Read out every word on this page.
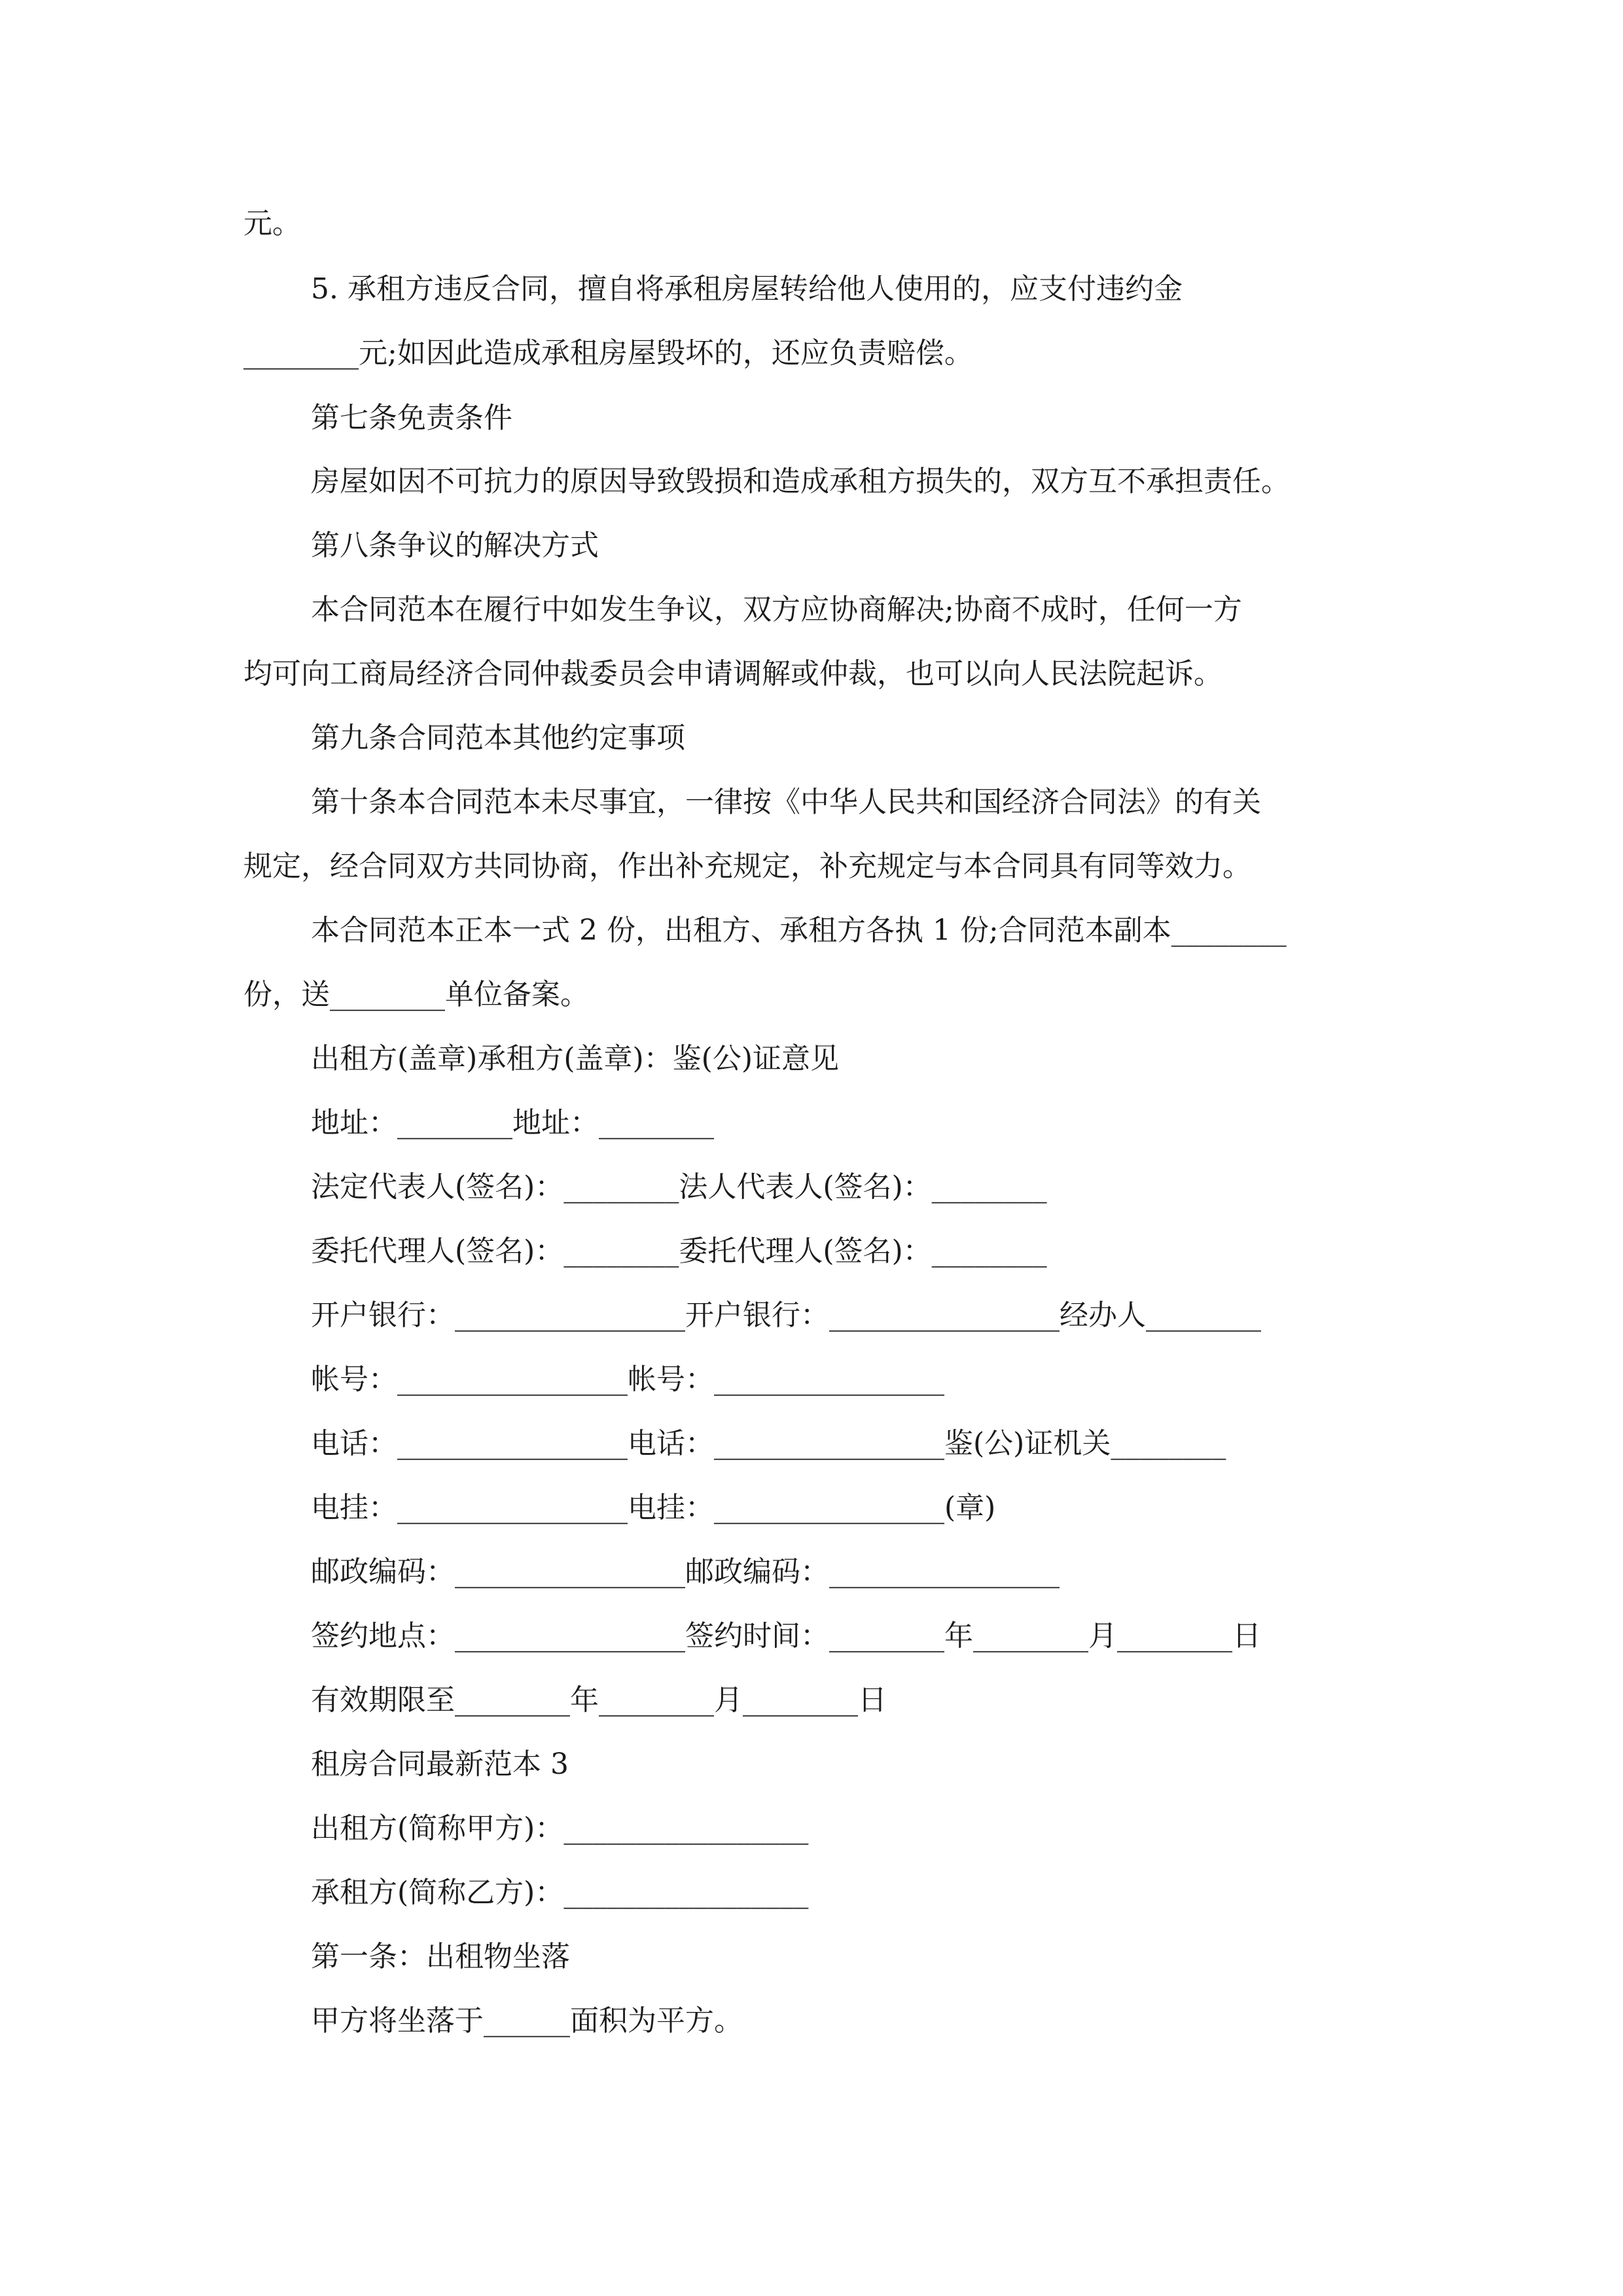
元。
5. 承租方违反合同，擅自将承租房屋转给他人使用的，应支付违约金
________元;如因此造成承租房屋毁坏的，还应负责赔偿。
第七条免责条件
房屋如因不可抗力的原因导致毁损和造成承租方损失的，双方互不承担责任。
第八条争议的解决方式
本合同范本在履行中如发生争议，双方应协商解决;协商不成时，任何一方
均可向工商局经济合同仲裁委员会申请调解或仲裁，也可以向人民法院起诉。
第九条合同范本其他约定事项
第十条本合同范本未尽事宜，一律按《中华人民共和国经济合同法》的有关
规定，经合同双方共同协商，作出补充规定，补充规定与本合同具有同等效力。
本合同范本正本一式 2 份，出租方、承租方各执 1 份;合同范本副本________
份，送________单位备案。
出租方(盖章)承租方(盖章)：鉴(公)证意见
地址：________地址：________
法定代表人(签名)：________法人代表人(签名)：________
委托代理人(签名)：________委托代理人(签名)：________
开户银行：________________开户银行：________________经办人________
帐号：________________帐号：________________
电话：________________电话：________________鉴(公)证机关________
电挂：________________电挂：________________(章)
邮政编码：________________邮政编码：________________
签约地点：________________签约时间：________年________月________日
有效期限至________年________月________日
租房合同最新范本 3
出租方(简称甲方)：_________________
承租方(简称乙方)：_________________
第一条：出租物坐落
甲方将坐落于______面积为平方。
